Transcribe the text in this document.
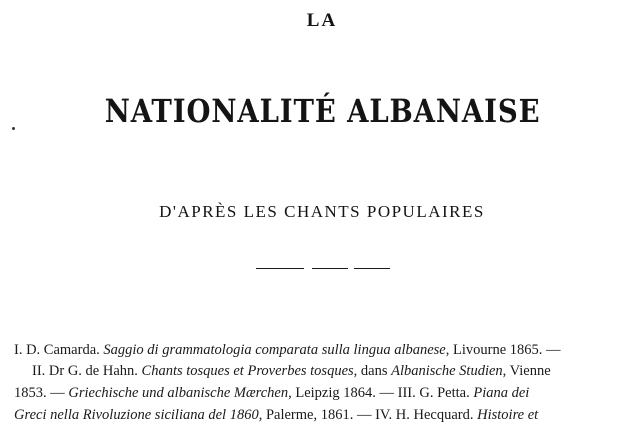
LA
NATIONALITÉ ALBANAISE
D'APRÈS LES CHANTS POPULAIRES
I. D. Camarda. Saggio di grammatologia comparata sulla lingua albanese, Livourne 1865. —
II. Dr G. de Hahn. Chants tosques et Proverbes tosques, dans Albanische Studien, Vienne
1853. — Griechische und albanische Mærchen, Leipzig 1864. — III. G. Petta. Piana dei
Greci nella Rivoluzione siciliana del 1860, Palerme, 1861. — IV. H. Hecquard. Histoire et
